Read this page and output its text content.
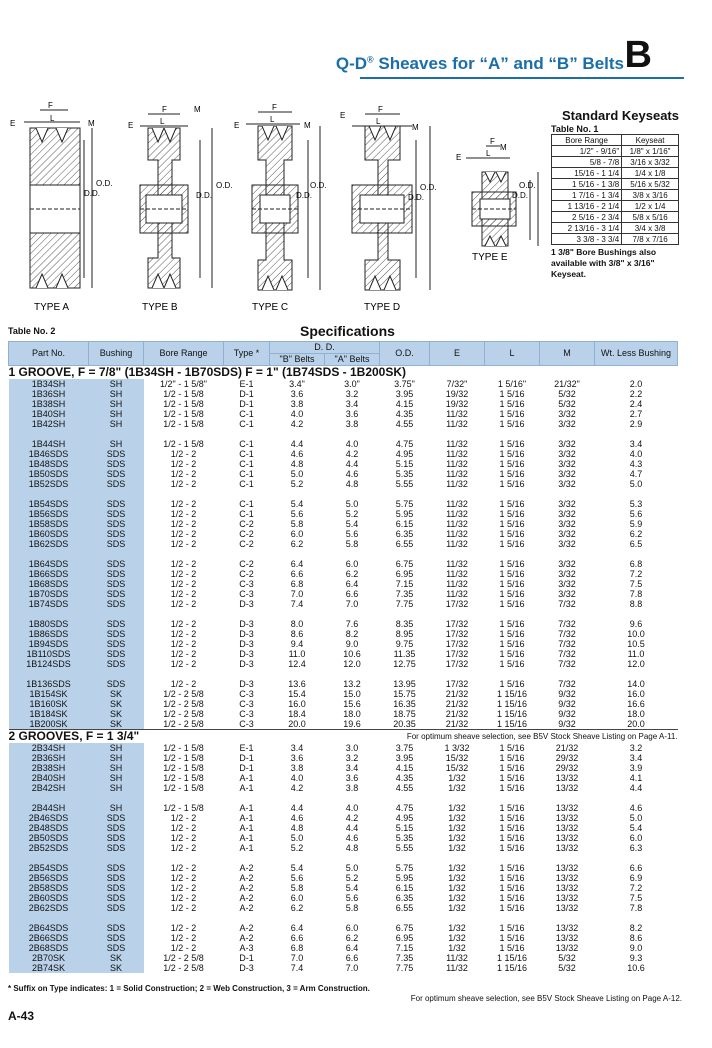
Q-D® Sheaves for “A” and “B” Belts B
F
E
L
M
O.D.
D.D.
TYPE A
F
E	L
M
O.D.
D.D.
TYPE B
F
E
L
M
O.D.
D.D.
TYPE C
F
E
L
M
O.D.
D.D.
TYPE D
F
E	L
M
O.D.
D.D.
TYPE E
Standard Keyseats
Table No. 1
Bore Range	Keyseat
1/2" - 9/16"	1/8" x 1/16"
5/8 - 7/8	3/16 x 3/32
15/16 - 1 1/4	1/4 x 1/8
1 5/16 - 1 3/8	5/16 x 5/32
1 7/16 - 1 3/4	3/8 x 3/16
1 13/16 - 2 1/4	1/2 x 1/4
2 5/16 - 2 3/4	5/8 x 5/16
2 13/16 - 3 1/4	3/4 x 3/8
3 3/8 - 3 3/4	7/8 x 7/16
1 3/8" Bore Bushings also available with 3/8" x 3/16" Keyseat.
Table No. 2	Specifications
Part No.	Bushing	Bore Range	Type *	D. D.		O.D.	E	L	M	Wt. Less Bushing
				"B" Belts	"A" Belts					
1 GROOVE, F = 7/8" (1B34SH - 1B70SDS) F = 1" (1B74SDS - 1B200SK)										
1B34SH	SH	1/2" - 1 5/8"	E-1	3.4"	3.0"	3.75"	7/32"	1 5/16"	21/32"	2.0
1B36SH	SH	1/2 - 1 5/8	D-1	3.6	3.2	3.95	19/32	1 5/16	5/32	2.2
1B38SH	SH	1/2 - 1 5/8	D-1	3.8	3.4	4.15	19/32	1 5/16	5/32	2.4
1B40SH	SH	1/2 - 1 5/8	C-1	4.0	3.6	4.35	11/32	1 5/16	3/32	2.7
1B42SH	SH	1/2 - 1 5/8	C-1	4.2	3.8	4.55	11/32	1 5/16	3/32	2.9

1B44SH	SH	1/2 - 1 5/8	C-1	4.4	4.0	4.75	11/32	1 5/16	3/32	3.4
1B46SDS	SDS	1/2 - 2	C-1	4.6	4.2	4.95	11/32	1 5/16	3/32	4.0
1B48SDS	SDS	1/2 - 2	C-1	4.8	4.4	5.15	11/32	1 5/16	3/32	4.3
1B50SDS	SDS	1/2 - 2	C-1	5.0	4.6	5.35	11/32	1 5/16	3/32	4.7
1B52SDS	SDS	1/2 - 2	C-1	5.2	4.8	5.55	11/32	1 5/16	3/32	5.0

1B54SDS	SDS	1/2 - 2	C-1	5.4	5.0	5.75	11/32	1 5/16	3/32	5.3
1B56SDS	SDS	1/2 - 2	C-1	5.6	5.2	5.95	11/32	1 5/16	3/32	5.6
1B58SDS	SDS	1/2 - 2	C-2	5.8	5.4	6.15	11/32	1 5/16	3/32	5.9
1B60SDS	SDS	1/2 - 2	C-2	6.0	5.6	6.35	11/32	1 5/16	3/32	6.2
1B62SDS	SDS	1/2 - 2	C-2	6.2	5.8	6.55	11/32	1 5/16	3/32	6.5

1B64SDS	SDS	1/2 - 2	C-2	6.4	6.0	6.75	11/32	1 5/16	3/32	6.8
1B66SDS	SDS	1/2 - 2	C-2	6.6	6.2	6.95	11/32	1 5/16	3/32	7.2
1B68SDS	SDS	1/2 - 2	C-3	6.8	6.4	7.15	11/32	1 5/16	3/32	7.5
1B70SDS	SDS	1/2 - 2	C-3	7.0	6.6	7.35	11/32	1 5/16	3/32	7.8
1B74SDS	SDS	1/2 - 2	D-3	7.4	7.0	7.75	17/32	1 5/16	7/32	8.8

1B80SDS	SDS	1/2 - 2	D-3	8.0	7.6	8.35	17/32	1 5/16	7/32	9.6
1B86SDS	SDS	1/2 - 2	D-3	8.6	8.2	8.95	17/32	1 5/16	7/32	10.0
1B94SDS	SDS	1/2 - 2	D-3	9.4	9.0	9.75	17/32	1 5/16	7/32	10.5
1B110SDS	SDS	1/2 - 2	D-3	11.0	10.6	11.35	17/32	1 5/16	7/32	11.0
1B124SDS	SDS	1/2 - 2	D-3	12.4	12.0	12.75	17/32	1 5/16	7/32	12.0

1B136SDS	SDS	1/2 - 2	D-3	13.6	13.2	13.95	17/32	1 5/16	7/32	14.0
1B154SK	SK	1/2 - 2 5/8	C-3	15.4	15.0	15.75	21/32	1 15/16	9/32	16.0
1B160SK	SK	1/2 - 2 5/8	C-3	16.0	15.6	16.35	21/32	1 15/16	9/32	16.6
1B184SK	SK	1/2 - 2 5/8	C-3	18.4	18.0	18.75	21/32	1 15/16	9/32	18.0
1B200SK	SK	1/2 - 2 5/8	C-3	20.0	19.6	20.35	21/32	1 15/16	9/32	20.0
2 GROOVES, F = 1 3/4" For optimum sheave selection, see B5V Stock Sheave Listing on Page A-11.										

2B34SH	SH	1/2 - 1 5/8	E-1	3.4	3.0	3.75	1 3/32	1 5/16	21/32	3.2
2B36SH	SH	1/2 - 1 5/8	D-1	3.6	3.2	3.95	15/32	1 5/16	29/32	3.4
2B38SH	SH	1/2 - 1 5/8	D-1	3.8	3.4	4.15	15/32	1 5/16	29/32	3.9
2B40SH	SH	1/2 - 1 5/8	A-1	4.0	3.6	4.35	1/32	1 5/16	13/32	4.1
2B42SH	SH	1/2 - 1 5/8	A-1	4.2	3.8	4.55	1/32	1 5/16	13/32	4.4

2B44SH	SH	1/2 - 1 5/8	A-1	4.4	4.0	4.75	1/32	1 5/16	13/32	4.6
2B46SDS	SDS	1/2 - 2	A-1	4.6	4.2	4.95	1/32	1 5/16	13/32	5.0
2B48SDS	SDS	1/2 - 2	A-1	4.8	4.4	5.15	1/32	1 5/16	13/32	5.4
2B50SDS	SDS	1/2 - 2	A-1	5.0	4.6	5.35	1/32	1 5/16	13/32	6.0
2B52SDS	SDS	1/2 - 2	A-1	5.2	4.8	5.55	1/32	1 5/16	13/32	6.3

2B54SDS	SDS	1/2 - 2	A-2	5.4	5.0	5.75	1/32	1 5/16	13/32	6.6
2B56SDS	SDS	1/2 - 2	A-2	5.6	5.2	5.95	1/32	1 5/16	13/32	6.9
2B58SDS	SDS	1/2 - 2	A-2	5.8	5.4	6.15	1/32	1 5/16	13/32	7.2
2B60SDS	SDS	1/2 - 2	A-2	6.0	5.6	6.35	1/32	1 5/16	13/32	7.5
2B62SDS	SDS	1/2 - 2	A-2	6.2	5.8	6.55	1/32	1 5/16	13/32	7.8

2B64SDS	SDS	1/2 - 2	A-2	6.4	6.0	6.75	1/32	1 5/16	13/32	8.2
2B66SDS	SDS	1/2 - 2	A-2	6.6	6.2	6.95	1/32	1 5/16	13/32	8.6
2B68SDS	SDS	1/2 - 2	A-3	6.8	6.4	7.15	1/32	1 5/16	13/32	9.0
2B70SK	SK	1/2 - 2 5/8	D-1	7.0	6.6	7.35	11/32	1 15/16	5/32	9.3
2B74SK	SK	1/2 - 2 5/8	D-3	7.4	7.0	7.75	11/32	1 15/16	5/32	10.6
* Suffix on Type indicates: 1 = Solid Construction; 2 = Web Construction, 3 = Arm Construction.
For optimum sheave selection, see B5V Stock Sheave Listing on Page A-12.
A-43
